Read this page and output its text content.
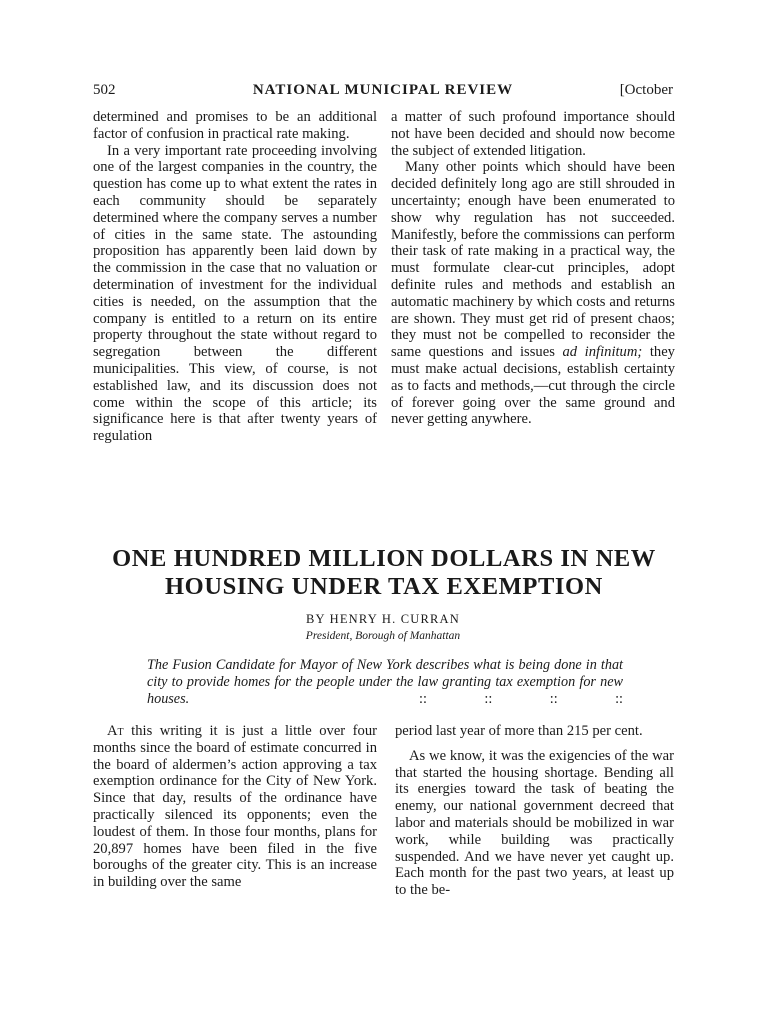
502	NATIONAL MUNICIPAL REVIEW	[October

determined and promises to be an additional factor of confusion in practical rate making.

In a very important rate proceeding involving one of the largest companies in the country, the question has come up to what extent the rates in each community should be separately determined where the company serves a number of cities in the same state. The astounding proposition has apparently been laid down by the commission in the case that no valuation or determination of investment for the individual cities is needed, on the assumption that the company is entitled to a return on its entire property throughout the state without regard to segregation between the different municipalities. This view, of course, is not established law, and its discussion does not come within the scope of this article; its significance here is that after twenty years of regulation

a matter of such profound importance should not have been decided and should now become the subject of extended litigation.

Many other points which should have been decided definitely long ago are still shrouded in uncertainty; enough have been enumerated to show why regulation has not succeeded. Manifestly, before the commissions can perform their task of rate making in a practical way, the must formulate clear-cut principles, adopt definite rules and methods and establish an automatic machinery by which costs and returns are shown. They must get rid of present chaos; they must not be compelled to reconsider the same questions and issues ad infinitum; they must make actual decisions, establish certainty as to facts and methods,—cut through the circle of forever going over the same ground and never getting anywhere.

ONE HUNDRED MILLION DOLLARS IN NEW
HOUSING UNDER TAX EXEMPTION
BY HENRY H. CURRAN
President, Borough of Manhattan
The Fusion Candidate for Mayor of New York describes what is being done in that city to provide homes for the people under the law granting tax exemption for new houses.	:: :: :: ::

At this writing it is just a little over four months since the board of estimate concurred in the board of aldermen’s action approving a tax exemption ordinance for the City of New York. Since that day, results of the ordinance have practically silenced its opponents; even the loudest of them. In those four months, plans for 20,897 homes have been filed in the five boroughs of the greater city. This is an increase in building over the same

period last year of more than 215 per cent.

As we know, it was the exigencies of the war that started the housing shortage. Bending all its energies toward the task of beating the enemy, our national government decreed that labor and materials should be mobilized in war work, while building was practically suspended. And we have never yet caught up. Each month for the past two years, at least up to the be-
